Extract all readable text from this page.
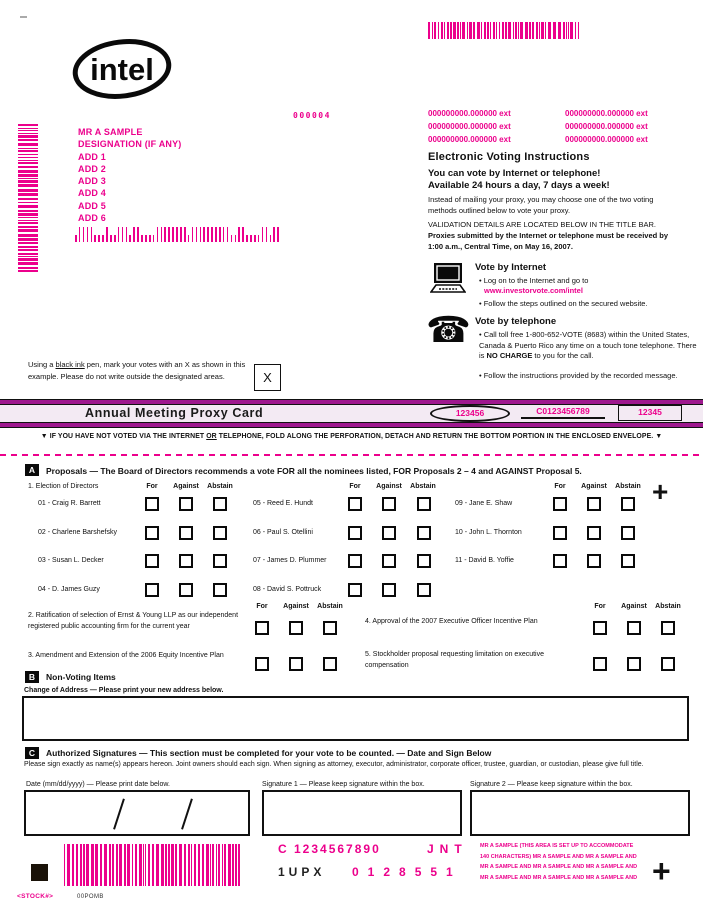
intel
000004
MR A SAMPLE
DESIGNATION (IF ANY)
ADD 1
ADD 2
ADD 3
ADD 4
ADD 5
ADD 6
000000000.000000 ext
000000000.000000 ext
000000000.000000 ext
000000000.000000 ext
000000000.000000 ext
000000000.000000 ext
Electronic Voting Instructions
You can vote by Internet or telephone!
Available 24 hours a day, 7 days a week!
Instead of mailing your proxy, you may choose one of the two voting methods outlined below to vote your proxy.
VALIDATION DETAILS ARE LOCATED BELOW IN THE TITLE BAR.
Proxies submitted by the Internet or telephone must be received by 1:00 a.m., Central Time, on May 16, 2007.
Vote by Internet
• Log on to the Internet and go to
www.investorvote.com/intel
• Follow the steps outlined on the secured website.
☎ Vote by telephone
• Call toll free 1-800-652-VOTE (8683) within the United States, Canada & Puerto Rico any time on a touch tone telephone. There is NO CHARGE to you for the call.
• Follow the instructions provided by the recorded message.
Using a black ink pen, mark your votes with an X as shown in this example. Please do not write outside the designated areas.	X
Annual Meeting Proxy Card	123456	C0123456789	12345
▼ IF YOU HAVE NOT VOTED VIA THE INTERNET OR TELEPHONE, FOLD ALONG THE PERFORATION, DETACH AND RETURN THE BOTTOM PORTION IN THE ENCLOSED ENVELOPE. ▼
A	Proposals — The Board of Directors recommends a vote FOR all the nominees listed, FOR Proposals 2 – 4 and AGAINST Proposal 5.
1. Election of Directors	+
For	Against	Abstain	For	Against	Abstain	For	Against	Abstain
01 - Craig R. Barrett
02 - Charlene Barshefsky
03 - Susan L. Decker
04 - D. James Guzy
05 - Reed E. Hundt
06 - Paul S. Otellini
07 - James D. Plummer
08 - David S. Pottruck
09 - Jane E. Shaw
10 - John L. Thornton
11 - David B. Yoffie
For	Against	Abstain	For	Against	Abstain
2. Ratification of selection of Ernst & Young LLP as our independent registered public accounting firm for the current year
3. Amendment and Extension of the 2006 Equity Incentive Plan
4. Approval of the 2007 Executive Officer Incentive Plan
5. Stockholder proposal requesting limitation on executive compensation
B	Non-Voting Items
Change of Address — Please print your new address below.
C	Authorized Signatures — This section must be completed for your vote to be counted. — Date and Sign Below
Please sign exactly as name(s) appears hereon. Joint owners should each sign. When signing as attorney, executor, administrator, corporate officer, trustee, guardian, or custodian, please give full title.
Date (mm/dd/yyyy) — Please print date below.	Signature 1 — Please keep signature within the box.	Signature 2 — Please keep signature within the box.
C 1234567890	JNT
1UPX 0128551
MR A SAMPLE (THIS AREA IS SET UP TO ACCOMMODATE
140 CHARACTERS) MR A SAMPLE AND MR A SAMPLE AND
MR A SAMPLE AND MR A SAMPLE AND MR A SAMPLE AND
MR A SAMPLE AND MR A SAMPLE AND MR A SAMPLE AND +
<STOCK#>	00POMB
